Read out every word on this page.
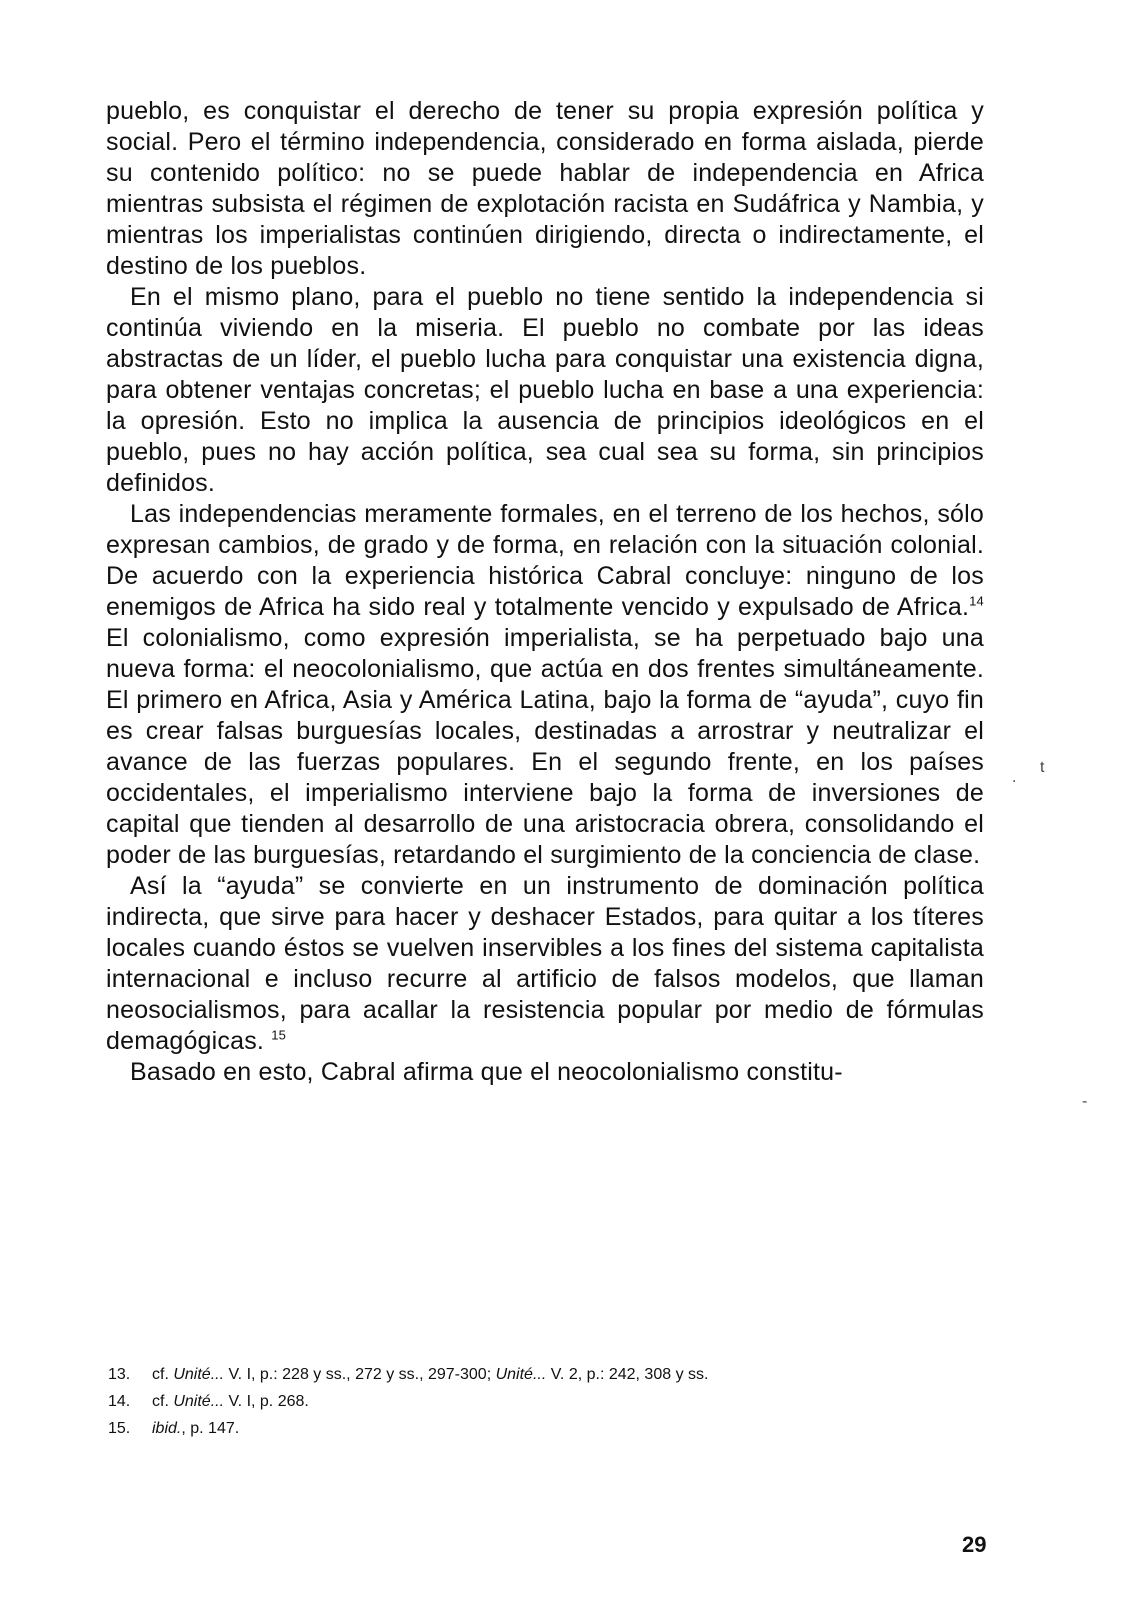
pueblo, es conquistar el derecho de tener su propia expresión política y social. Pero el término independencia, considerado en forma aislada, pierde su contenido político: no se puede hablar de independencia en Africa mientras subsista el régimen de explotación racista en Sudáfrica y Nambia, y mientras los imperialistas continúen dirigiendo, directa o indirectamente, el destino de los pueblos.

En el mismo plano, para el pueblo no tiene sentido la independencia si continúa viviendo en la miseria. El pueblo no combate por las ideas abstractas de un líder, el pueblo lucha para conquistar una existencia digna, para obtener ventajas concretas; el pueblo lucha en base a una experiencia: la opresión. Esto no implica la ausencia de principios ideológicos en el pueblo, pues no hay acción política, sea cual sea su forma, sin principios definidos.

Las independencias meramente formales, en el terreno de los hechos, sólo expresan cambios, de grado y de forma, en relación con la situación colonial. De acuerdo con la experiencia histórica Cabral concluye: ninguno de los enemigos de Africa ha sido real y totalmente vencido y expulsado de Africa.$^{14}$ El colonialismo, como expresión imperialista, se ha perpetuado bajo una nueva forma: el neocolonialismo, que actúa en dos frentes simultáneamente. El primero en Africa, Asia y América Latina, bajo la forma de “ayuda”, cuyo fin es crear falsas burguesías locales, destinadas a arrostrar y neutralizar el avance de las fuerzas populares. En el segundo frente, en los países occidentales, el imperialismo interviene bajo la forma de inversiones de capital que tienden al desarrollo de una aristocracia obrera, consolidando el poder de las burguesías, retardando el surgimiento de la conciencia de clase.

Así la “ayuda” se convierte en un instrumento de dominación política indirecta, que sirve para hacer y deshacer Estados, para quitar a los títeres locales cuando éstos se vuelven inservibles a los fines del sistema capitalista internacional e incluso recurre al artificio de falsos modelos, que llaman neosocialismos, para acallar la resistencia popular por medio de fórmulas demagógicas. $^{15}$

Basado en esto, Cabral afirma que el neocolonialismo constitu-

13.	cf. Unité... V. I, p.: 228 y ss., 272 y ss., 297-300; Unité... V. 2, p.: 242, 308 y ss.
14.	cf. Unité... V. I, p. 268.
15.	ibid., p. 147.
29
t
-
.
